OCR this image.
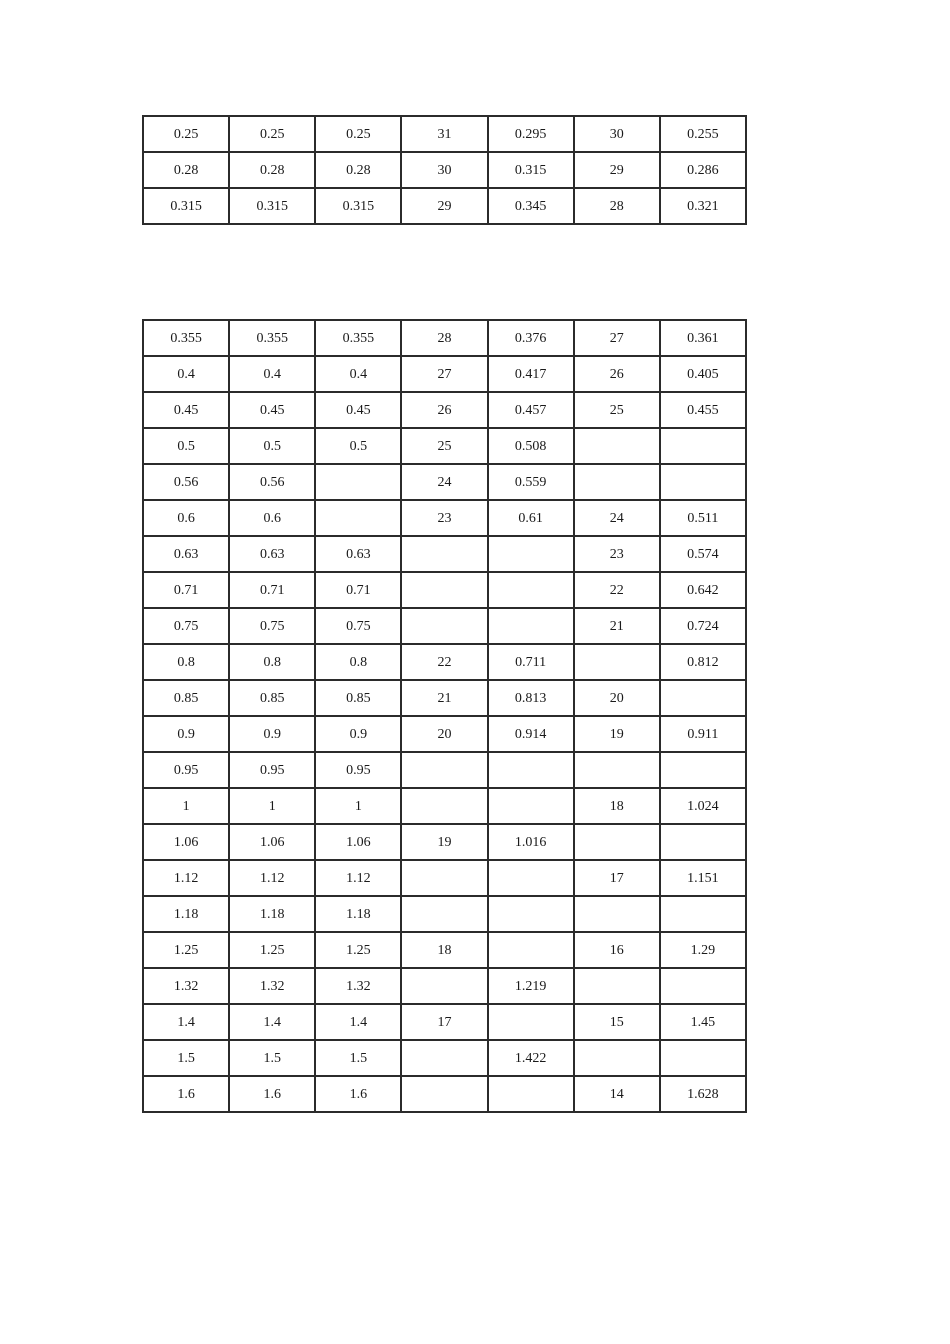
0.25	0.25	0.25	31	0.295	30	0.255
0.28	0.28	0.28	30	0.315	29	0.286
0.315	0.315	0.315	29	0.345	28	0.321
0.355	0.355	0.355	28	0.376	27	0.361
0.4	0.4	0.4	27	0.417	26	0.405
0.45	0.45	0.45	26	0.457	25	0.455
0.5	0.5	0.5	25	0.508		
0.56	0.56		24	0.559		
0.6	0.6		23	0.61	24	0.511
0.63	0.63	0.63			23	0.574
0.71	0.71	0.71			22	0.642
0.75	0.75	0.75			21	0.724
0.8	0.8	0.8	22	0.711		0.812
0.85	0.85	0.85	21	0.813	20	
0.9	0.9	0.9	20	0.914	19	0.911
0.95	0.95	0.95				
1	1	1			18	1.024
1.06	1.06	1.06	19	1.016		
1.12	1.12	1.12			17	1.151
1.18	1.18	1.18				
1.25	1.25	1.25	18		16	1.29
1.32	1.32	1.32		1.219		
1.4	1.4	1.4	17		15	1.45
1.5	1.5	1.5		1.422		
1.6	1.6	1.6			14	1.628
